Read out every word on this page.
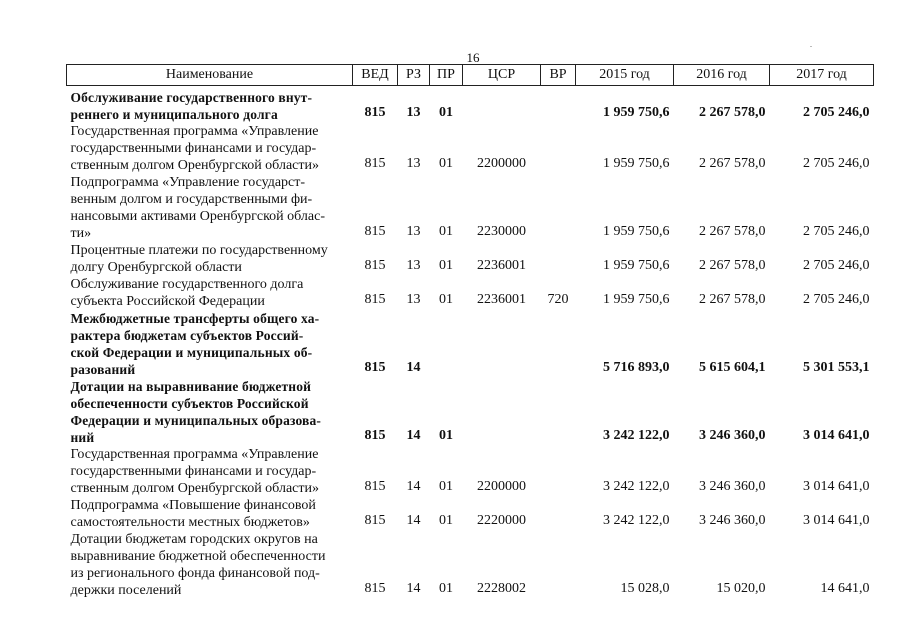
16
Наименование	ВЕД	РЗ	ПР	ЦСР	ВР	2015 год	2016 год	2017 год

Обслуживание государственного внут-
реннего и муниципального долга	815	13	01			1 959 750,6	2 267 578,0	2 705 246,0

Государственная программа «Управление
государственными финансами и государ-
ственным долгом Оренбургской области»	815	13	01	2200000		1 959 750,6	2 267 578,0	2 705 246,0

Подпрограмма «Управление государст-
венным долгом и государственными фи-
нансовыми активами Оренбургской облас-
ти»	815	13	01	2230000		1 959 750,6	2 267 578,0	2 705 246,0

Процентные платежи по государственному
долгу Оренбургской области	815	13	01	2236001		1 959 750,6	2 267 578,0	2 705 246,0

Обслуживание государственного долга
субъекта Российской Федерации	815	13	01	2236001	720	1 959 750,6	2 267 578,0	2 705 246,0

Межбюджетные трансферты общего ха-
рактера бюджетам субъектов Россий-
ской Федерации и муниципальных об-
разований	815	14				5 716 893,0	5 615 604,1	5 301 553,1

Дотации на выравнивание бюджетной
обеспеченности субъектов Российской
Федерации и муниципальных образова-
ний	815	14	01			3 242 122,0	3 246 360,0	3 014 641,0

Государственная программа «Управление
государственными финансами и государ-
ственным долгом Оренбургской области»	815	14	01	2200000		3 242 122,0	3 246 360,0	3 014 641,0

Подпрограмма «Повышение финансовой
самостоятельности местных бюджетов»	815	14	01	2220000		3 242 122,0	3 246 360,0	3 014 641,0

Дотации бюджетам городских округов на
выравнивание бюджетной обеспеченности
из регионального фонда финансовой под-
держки поселений	815	14	01	2228002		15 028,0	15 020,0	14 641,0
